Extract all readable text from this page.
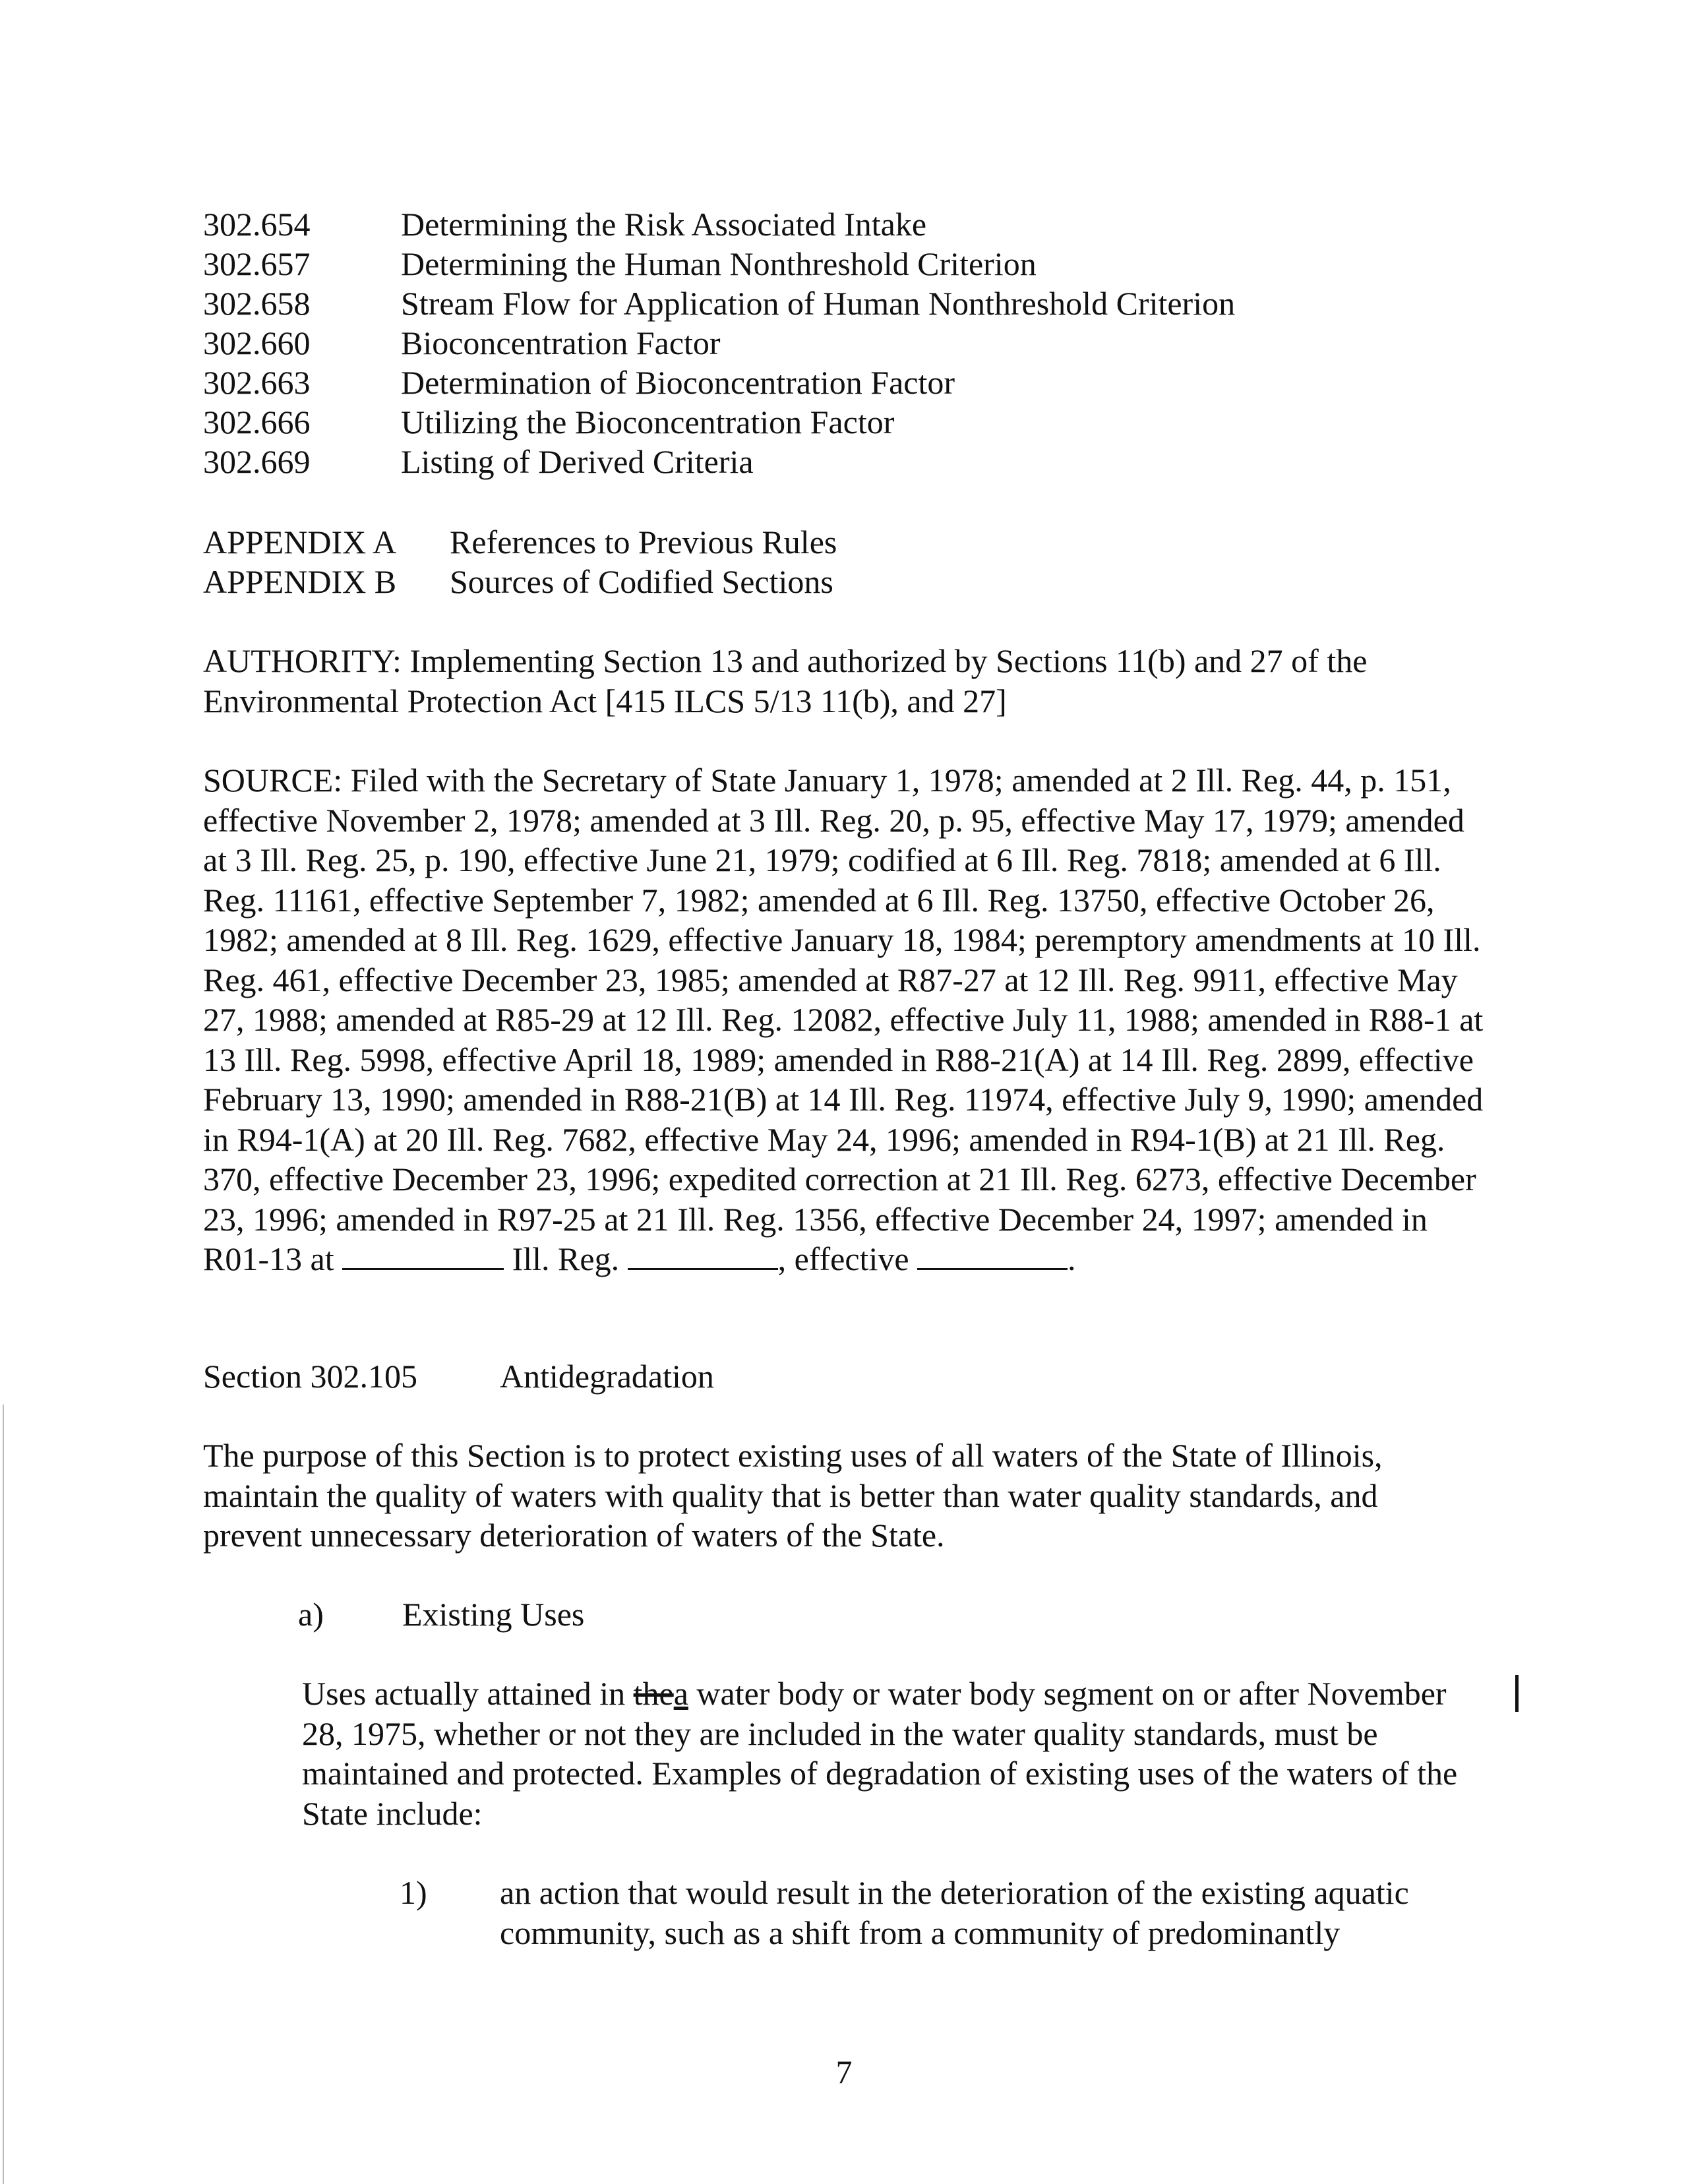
302.654	Determining the Risk Associated Intake
302.657	Determining the Human Nonthreshold Criterion
302.658	Stream Flow for Application of Human Nonthreshold Criterion
302.660	Bioconcentration Factor
302.663	Determination of Bioconcentration Factor
302.666	Utilizing the Bioconcentration Factor
302.669	Listing of Derived Criteria
APPENDIX A	References to Previous Rules
APPENDIX B	Sources of Codified Sections

AUTHORITY: Implementing Section 13 and authorized by Sections 11(b) and 27 of the Environmental Protection Act [415 ILCS 5/13 11(b), and 27]

SOURCE: Filed with the Secretary of State January 1, 1978; amended at 2 Ill. Reg. 44, p. 151, effective November 2, 1978; amended at 3 Ill. Reg. 20, p. 95, effective May 17, 1979; amended at 3 Ill. Reg. 25, p. 190, effective June 21, 1979; codified at 6 Ill. Reg. 7818; amended at 6 Ill. Reg. 11161, effective September 7, 1982; amended at 6 Ill. Reg. 13750, effective October 26, 1982; amended at 8 Ill. Reg. 1629, effective January 18, 1984; peremptory amendments at 10 Ill. Reg. 461, effective December 23, 1985; amended at R87-27 at 12 Ill. Reg. 9911, effective May 27, 1988; amended at R85-29 at 12 Ill. Reg. 12082, effective July 11, 1988; amended in R88-1 at 13 Ill. Reg. 5998, effective April 18, 1989; amended in R88-21(A) at 14 Ill. Reg. 2899, effective February 13, 1990; amended in R88-21(B) at 14 Ill. Reg. 11974, effective July 9, 1990; amended in R94-1(A) at 20 Ill. Reg. 7682, effective May 24, 1996; amended in R94-1(B) at 21 Ill. Reg. 370, effective December 23, 1996; expedited correction at 21 Ill. Reg. 6273, effective December 23, 1996; amended in R97-25 at 21 Ill. Reg. 1356, effective December 24, 1997; amended in R01-13 at	Ill. Reg.	, effective	.

Section 302.105	Antidegradation

The purpose of this Section is to protect existing uses of all waters of the State of Illinois, maintain the quality of waters with quality that is better than water quality standards, and prevent unnecessary deterioration of waters of the State.

a)	Existing Uses

Uses actually attained in thea water body or water body segment on or after November 28, 1975, whether or not they are included in the water quality standards, must be maintained and protected. Examples of degradation of existing uses of the waters of the State include:

1)	an action that would result in the deterioration of the existing aquatic community, such as a shift from a community of predominantly
7
